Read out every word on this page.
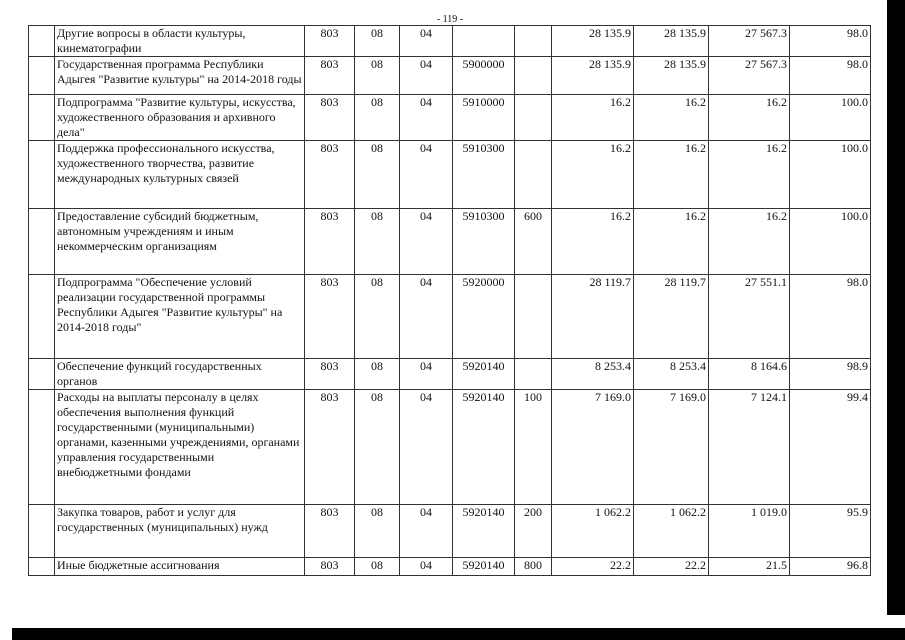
- 119 -
	Другие вопросы в области культуры, кинематографии	803	08	04			28 135.9	28 135.9	27 567.3	98.0
	Государственная программа Республики Адыгея "Развитие культуры" на 2014-2018 годы	803	08	04	5900000		28 135.9	28 135.9	27 567.3	98.0
	Подпрограмма "Развитие культуры, искусства, художественного образования и архивного дела"	803	08	04	5910000		16.2	16.2	16.2	100.0
	Поддержка профессионального искусства, художественного творчества, развитие международных культурных связей	803	08	04	5910300		16.2	16.2	16.2	100.0
	Предоставление субсидий бюджетным, автономным учреждениям и иным некоммерческим организациям	803	08	04	5910300	600	16.2	16.2	16.2	100.0
	Подпрограмма "Обеспечение условий реализации государственной программы Республики Адыгея "Развитие культуры" на 2014-2018 годы"	803	08	04	5920000		28 119.7	28 119.7	27 551.1	98.0
	Обеспечение функций государственных органов	803	08	04	5920140		8 253.4	8 253.4	8 164.6	98.9
	Расходы на выплаты персоналу в целях обеспечения выполнения функций государственными (муниципальными) органами, казенными учреждениями, органами управления государственными внебюджетными фондами	803	08	04	5920140	100	7 169.0	7 169.0	7 124.1	99.4
	Закупка товаров, работ и услуг для государственных (муниципальных) нужд	803	08	04	5920140	200	1 062.2	1 062.2	1 019.0	95.9
	Иные бюджетные ассигнования	803	08	04	5920140	800	22.2	22.2	21.5	96.8
